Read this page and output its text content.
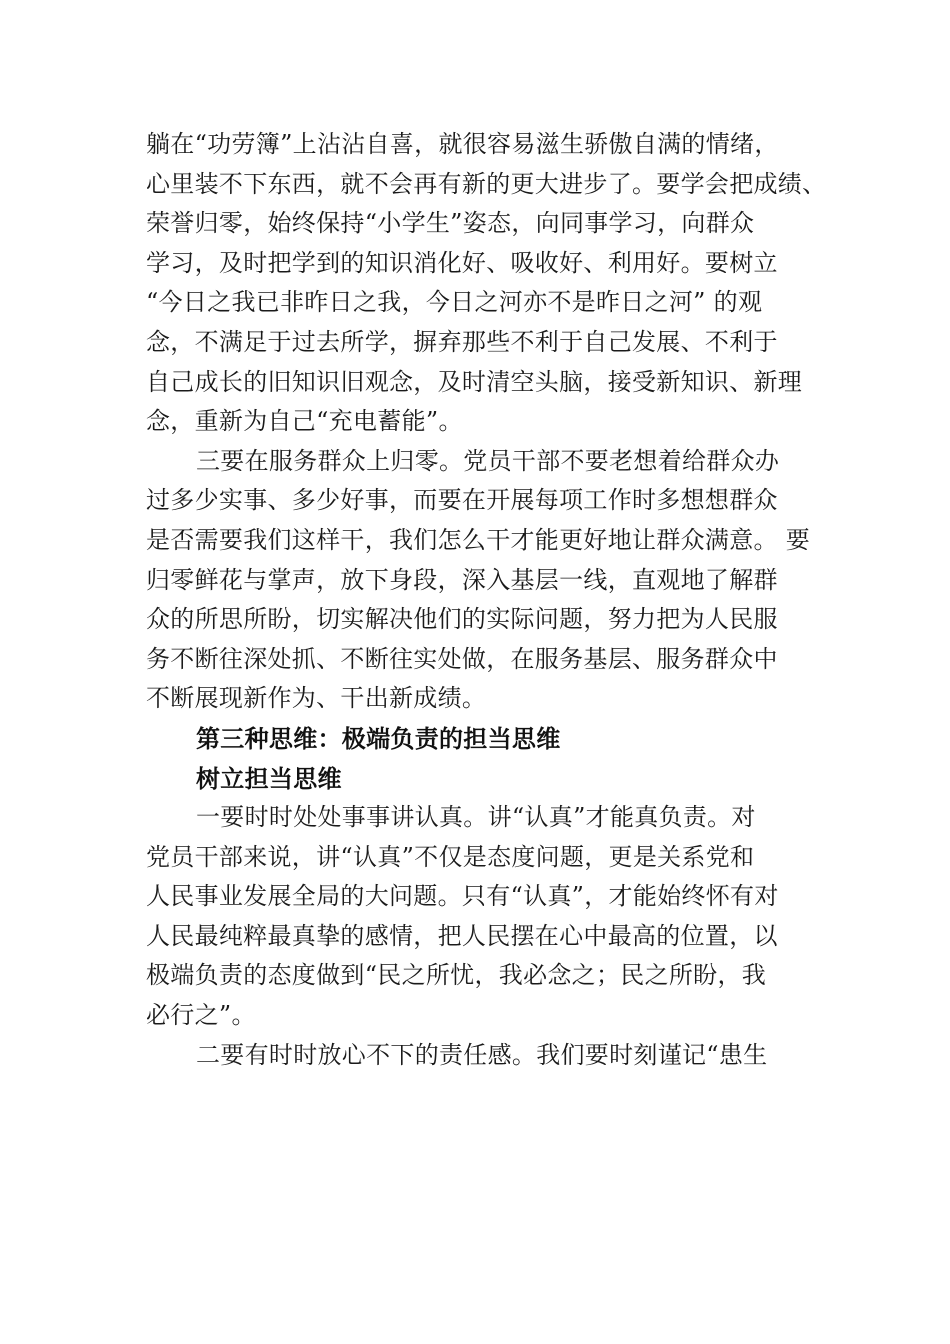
躺在“功劳簿”上沾沾自喜，就很容易滋生骄傲自满的情绪，
心里装不下东西，就不会再有新的更大进步了。要学会把成绩、
荣誉归零，始终保持“小学生”姿态，向同事学习，向群众
学习，及时把学到的知识消化好、吸收好、利用好。要树立
“今日之我已非昨日之我，今日之河亦不是昨日之河” 的观
念，不满足于过去所学，摒弃那些不利于自己发展、不利于
自己成长的旧知识旧观念，及时清空头脑，接受新知识、新理
念，重新为自己“充电蓄能”。
三要在服务群众上归零。党员干部不要老想着给群众办
过多少实事、多少好事，而要在开展每项工作时多想想群众
是否需要我们这样干，我们怎么干才能更好地让群众满意。 要
归零鲜花与掌声，放下身段，深入基层一线，直观地了解群
众的所思所盼，切实解决他们的实际问题，努力把为人民服
务不断往深处抓、不断往实处做，在服务基层、服务群众中
不断展现新作为、干出新成绩。
第三种思维：极端负责的担当思维
树立担当思维
一要时时处处事事讲认真。讲“认真”才能真负责。对
党员干部来说，讲“认真”不仅是态度问题，更是关系党和
人民事业发展全局的大问题。只有“认真”，才能始终怀有对
人民最纯粹最真挚的感情，把人民摆在心中最高的位置，以
极端负责的态度做到“民之所忧，我必念之；民之所盼，我
必行之”。
二要有时时放心不下的责任感。我们要时刻谨记“患生
